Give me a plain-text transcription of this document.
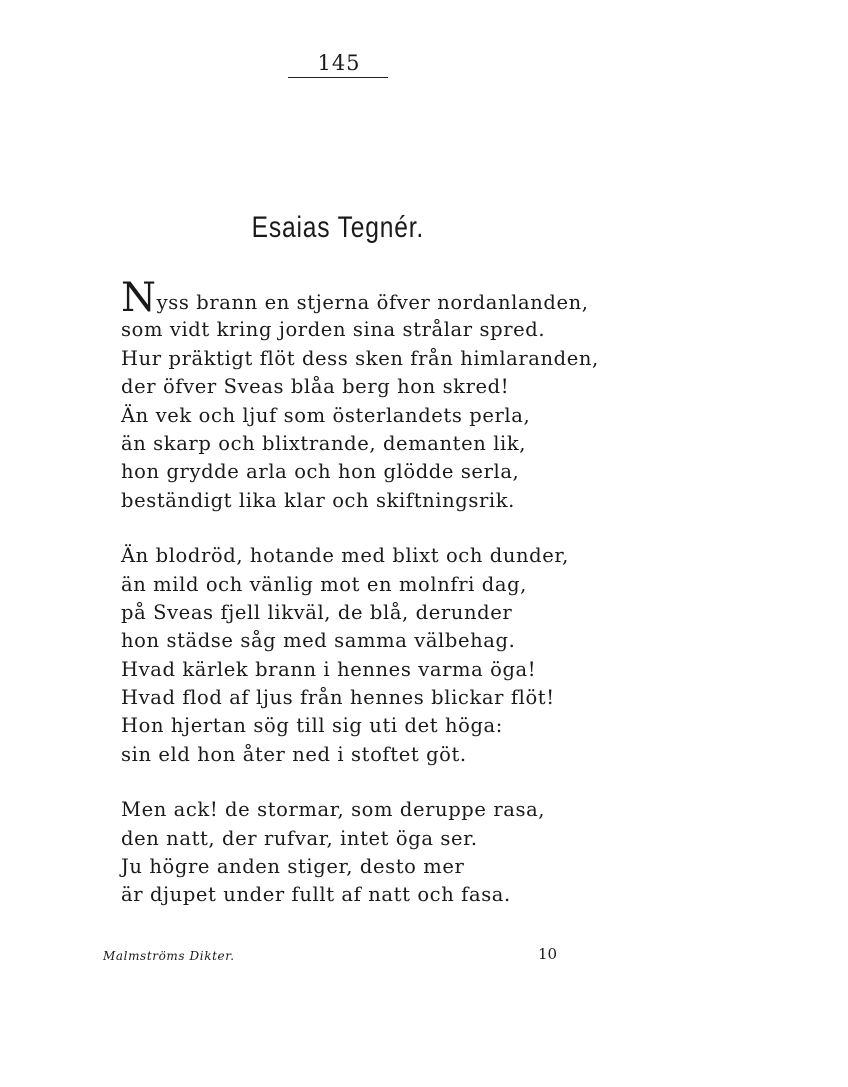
145
Esaias Tegnér.
Nyss brann en stjerna öfver nordanlanden,
som vidt kring jorden sina strålar spred.
Hur präktigt flöt dess sken från himlaranden,
der öfver Sveas blåa berg hon skred!
Än vek och ljuf som österlandets perla,
än skarp och blixtrande, demanten lik,
hon grydde arla och hon glödde serla,
beständigt lika klar och skiftningsrik.
Än blodröd, hotande med blixt och dunder,
än mild och vänlig mot en molnfri dag,
på Sveas fjell likväl, de blå, derunder
hon städse såg med samma välbehag.
Hvad kärlek brann i hennes varma öga!
Hvad flod af ljus från hennes blickar flöt!
Hon hjertan sög till sig uti det höga:
sin eld hon åter ned i stoftet göt.
Men ack! de stormar, som deruppe rasa,
den natt, der rufvar, intet öga ser.
Ju högre anden stiger, desto mer
är djupet under fullt af natt och fasa.
Malmströms Dikter.	10
